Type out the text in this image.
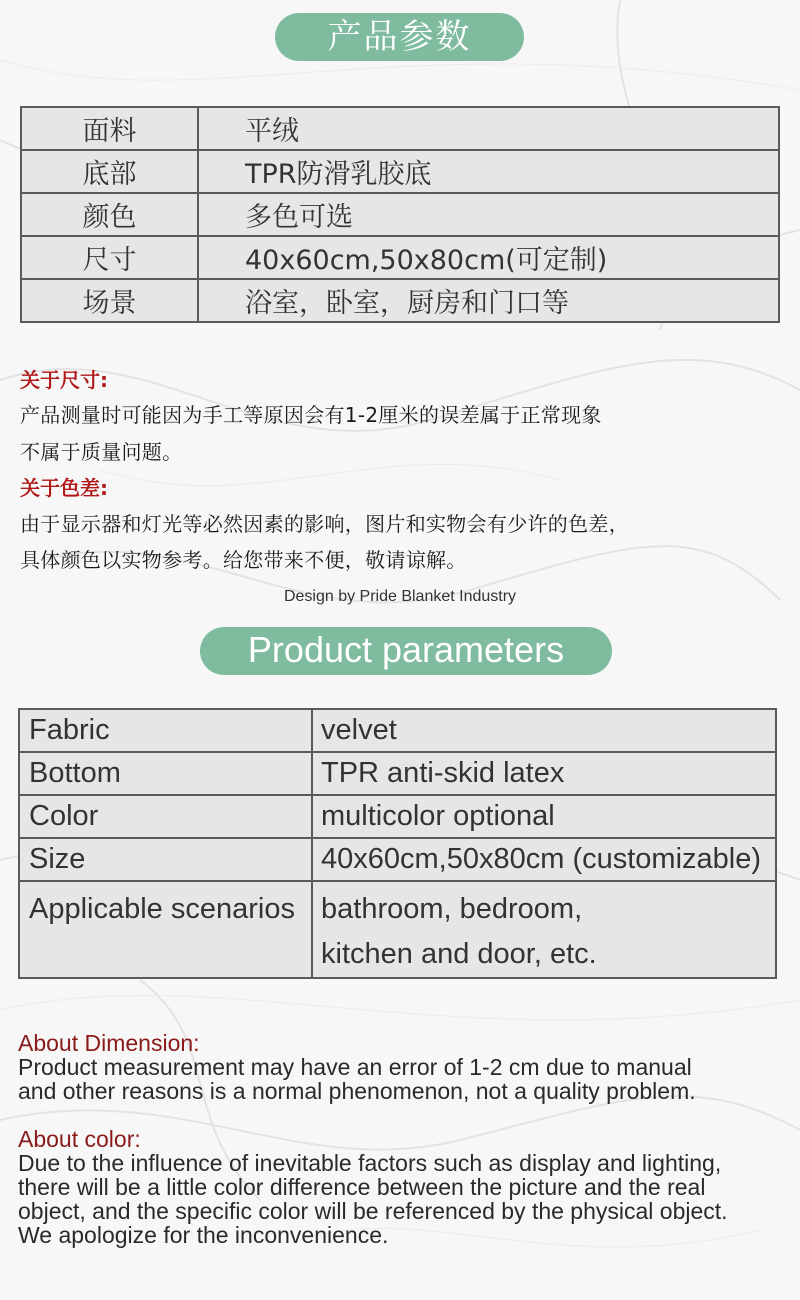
产品参数
面料	平绒
底部	TPR防滑乳胶底
颜色	多色可选
尺寸	40x60cm,50x80cm(可定制)
场景	浴室，卧室，厨房和门口等
关于尺寸:
产品测量时可能因为手工等原因会有1-2厘米的误差属于正常现象
不属于质量问题。
关于色差:
由于显示器和灯光等必然因素的影响，图片和实物会有少许的色差，
具体颜色以实物参考。给您带来不便，敬请谅解。
Design by Pride Blanket Industry
Product parameters
Fabric	velvet
Bottom	TPR anti-skid latex
Color	multicolor optional
Size	40x60cm,50x80cm (customizable)
Applicable scenarios	bathroom, bedroom,
kitchen and door, etc.
About Dimension:
Product measurement may have an error of 1-2 cm due to manual
and other reasons is a normal phenomenon, not a quality problem.
About color:
Due to the influence of inevitable factors such as display and lighting,
there will be a little color difference between the picture and the real
object, and the specific color will be referenced by the physical object.
We apologize for the inconvenience.
